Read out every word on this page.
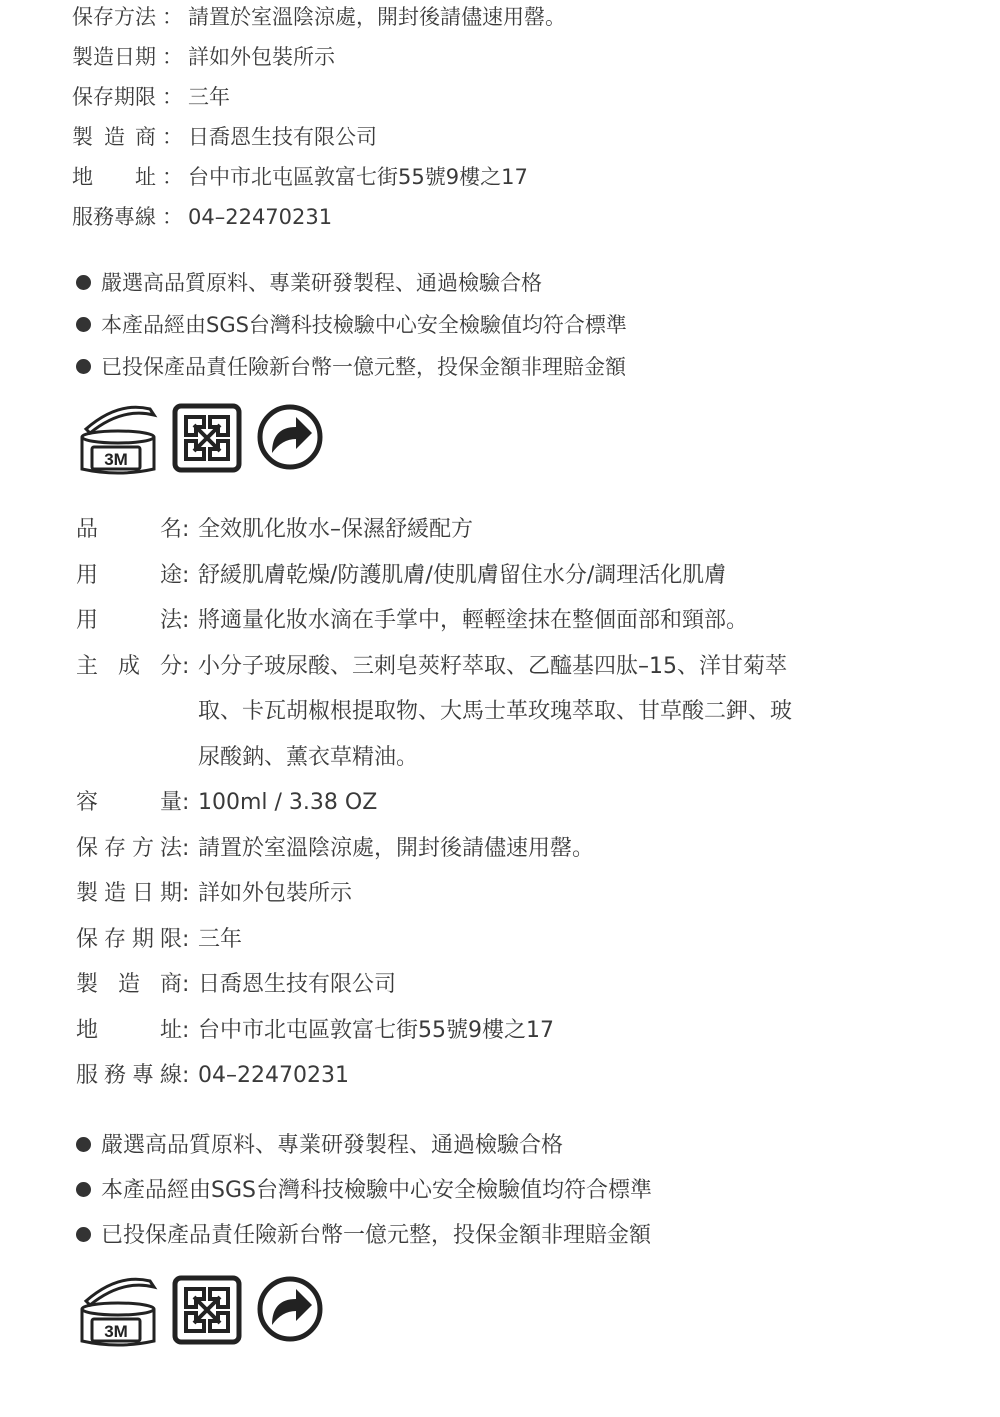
保 存 方 法 ： 請置於室溫陰涼處，開封後請儘速用罄。
製 造 日 期 ： 詳如外包裝所示
保 存 期 限 ： 三年
製 造 商 ： 日喬恩生技有限公司
地 址 ： 台中市北屯區敦富七街55號9樓之17
服 務 專 線 ： 04–22470231
嚴選高品質原料、專業研發製程、通過檢驗合格
本產品經由SGS台灣科技檢驗中心安全檢驗值均符合標準
已投保產品責任險新台幣一億元整，投保金額非理賠金額
3M
品	名 : 全效肌化妝水–保濕舒緩配方
用	途 : 舒緩肌膚乾燥/防護肌膚/使肌膚留住水分/調理活化肌膚
用	法 : 將適量化妝水滴在手掌中，輕輕塗抹在整個面部和頸部。
主 成 分 : 小分子玻尿酸、三刺皂莢籽萃取、乙醯基四肽–15、洋甘菊萃
取、卡瓦胡椒根提取物、大馬士革玫瑰萃取、甘草酸二鉀、玻
尿酸鈉、薰衣草精油。
容	量 : 100ml / 3.38 OZ
保 存 方 法 : 請置於室溫陰涼處，開封後請儘速用罄。
製 造 日 期 : 詳如外包裝所示
保 存 期 限 : 三年
製 造 商 : 日喬恩生技有限公司
地	址 : 台中市北屯區敦富七街55號9樓之17
服 務 專 線 : 04–22470231
嚴選高品質原料、專業研發製程、通過檢驗合格
本產品經由SGS台灣科技檢驗中心安全檢驗值均符合標準
已投保產品責任險新台幣一億元整，投保金額非理賠金額
3M
